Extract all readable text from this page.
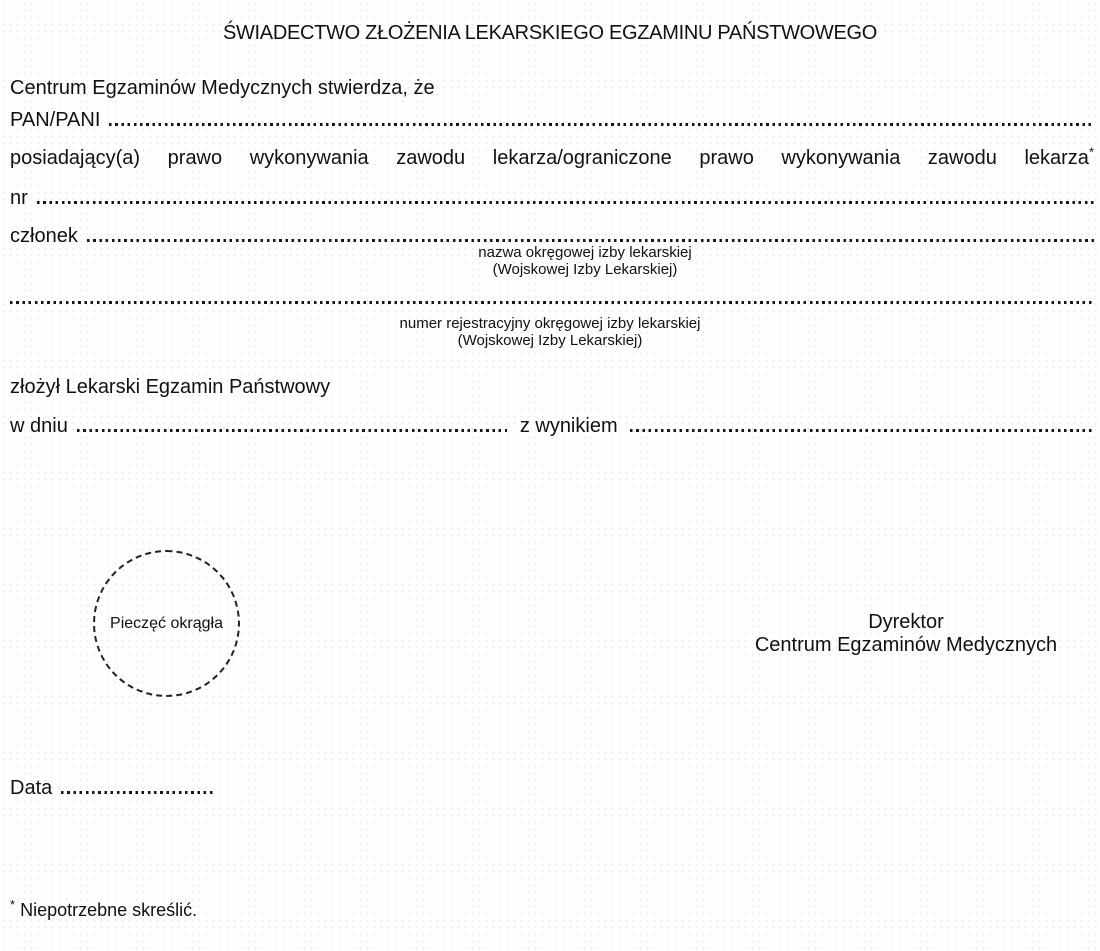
ŚWIADECTWO ZŁOŻENIA LEKARSKIEGO EGZAMINU PAŃSTWOWEGO
Centrum Egzaminów Medycznych stwierdza, że
PAN/PANI
posiadający(a) prawo wykonywania zawodu lekarza/ograniczone prawo wykonywania zawodu lekarza*
nr
członek
nazwa okręgowej izby lekarskiej
(Wojskowej Izby Lekarskiej)
numer rejestracyjny okręgowej izby lekarskiej
(Wojskowej Izby Lekarskiej)
złożył Lekarski Egzamin Państwowy
w dniu	z wynikiem
Pieczęć okrągła	Dyrektor
Centrum Egzaminów Medycznych
Data
* Niepotrzebne skreślić.
